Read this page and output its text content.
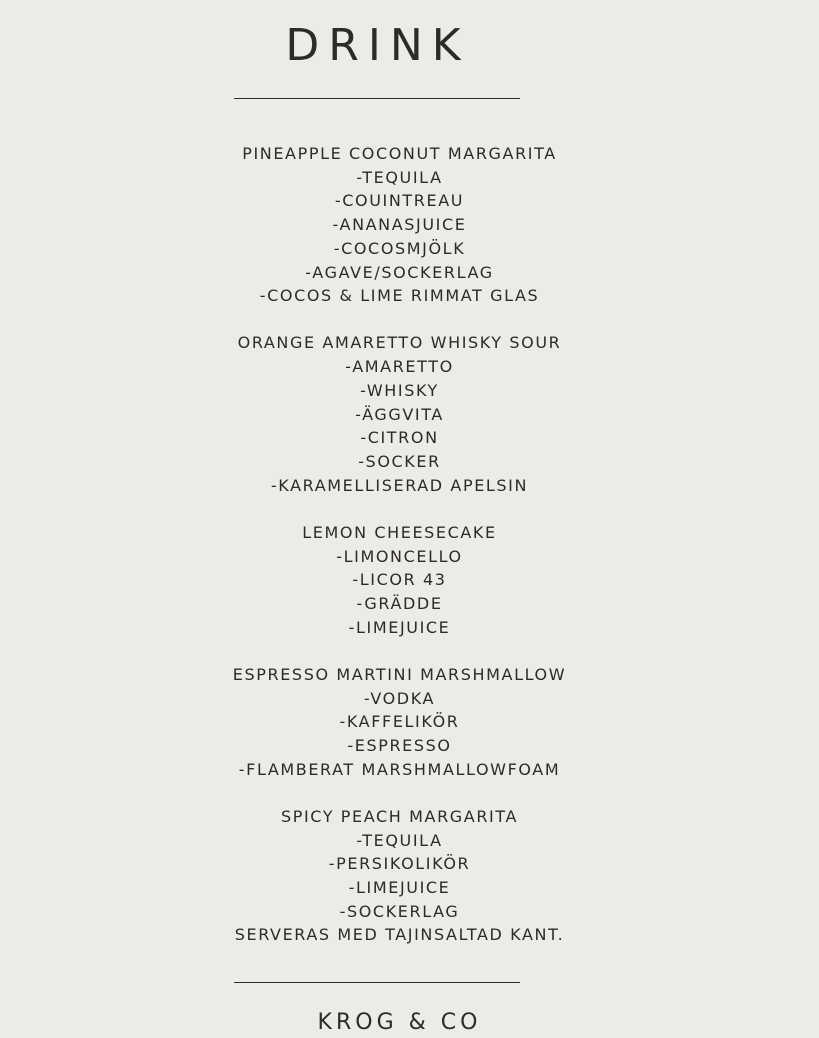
DRINK
PINEAPPLE COCONUT MARGARITA
-TEQUILA
-COUINTREAU
-ANANASJUICE
-COCOSMJÖLK
-AGAVE/SOCKERLAG
-COCOS & LIME RIMMAT GLAS
ORANGE AMARETTO WHISKY SOUR
-AMARETTO
-WHISKY
-ÄGGVITA
-CITRON
-SOCKER
-KARAMELLISERAD APELSIN
LEMON CHEESECAKE
-LIMONCELLO
-LICOR 43
-GRÄDDE
-LIMEJUICE
ESPRESSO MARTINI MARSHMALLOW
-VODKA
-KAFFELIKÖR
-ESPRESSO
-FLAMBERAT MARSHMALLOWFOAM
SPICY PEACH MARGARITA
-TEQUILA
-PERSIKOLIKÖR
-LIMEJUICE
-SOCKERLAG
SERVERAS MED TAJINSALTAD KANT.
KROG & CO
